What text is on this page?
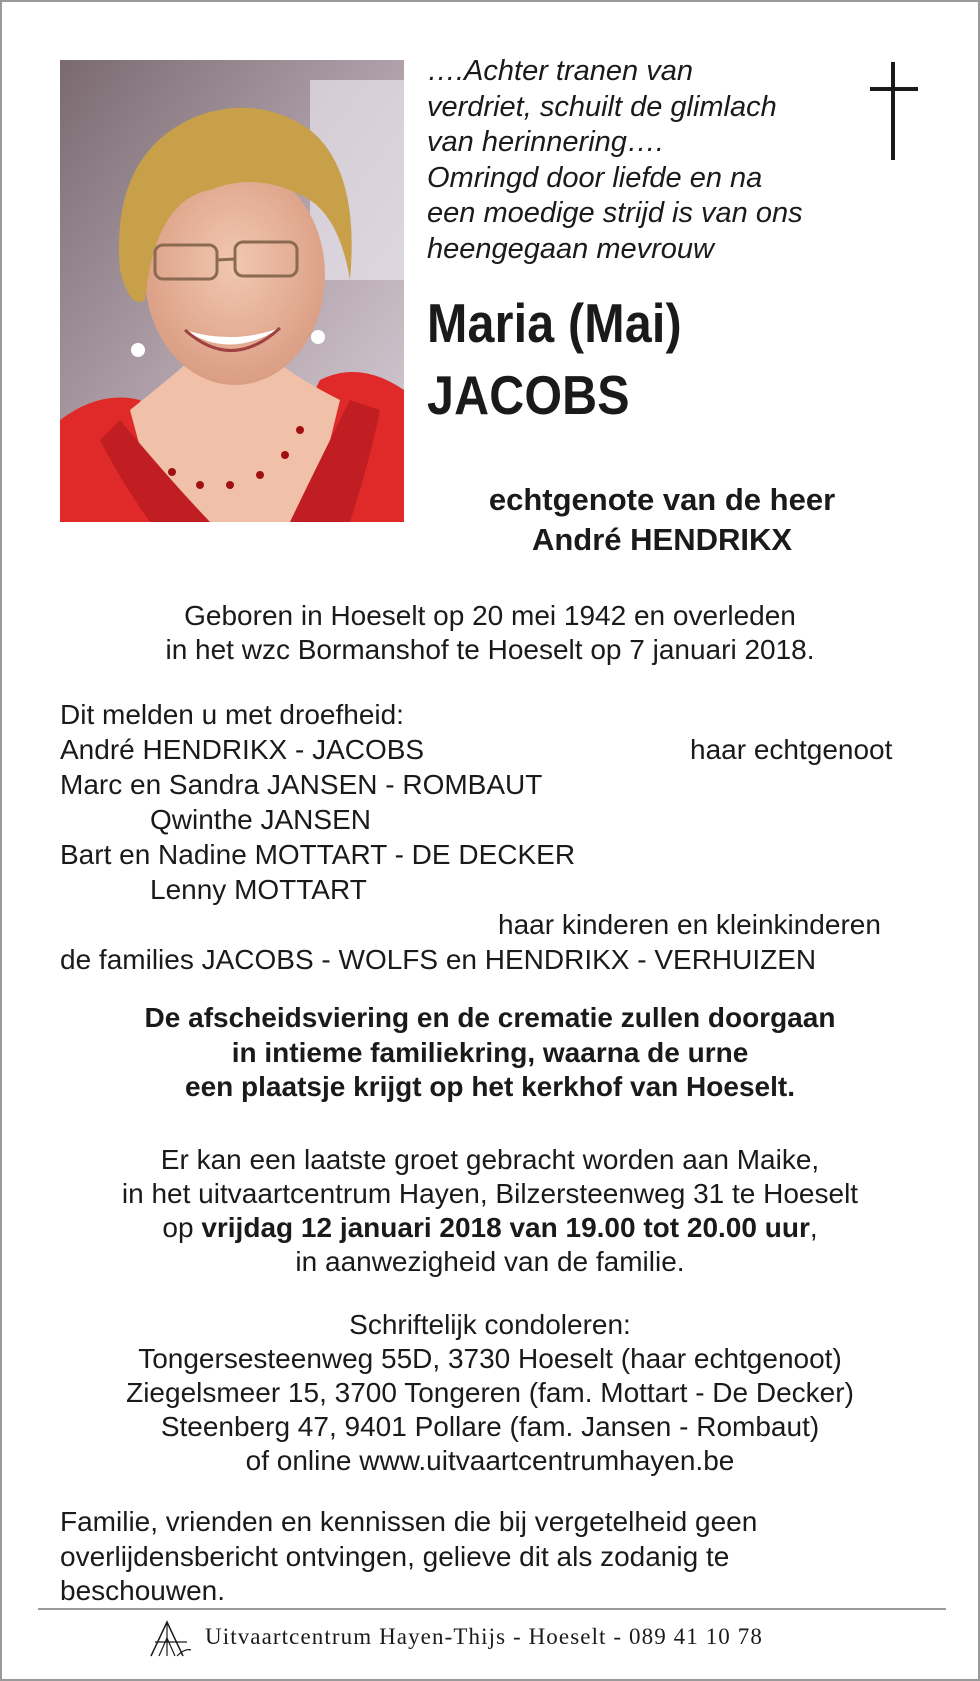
….Achter tranen van
verdriet, schuilt de glimlach
van herinnering….
Omringd door liefde en na
een moedige strijd is van ons
heengegaan mevrouw

Maria (Mai)
JACOBS

echtgenote van de heer
André HENDRIKX

Geboren in Hoeselt op 20 mei 1942 en overleden
in het wzc Bormanshof te Hoeselt op 7 januari 2018.

Dit melden u met droefheid:

André HENDRIKX - JACOBS	haar echtgenoot

Marc en Sandra JANSEN - ROMBAUT

Qwinthe JANSEN

Bart en Nadine MOTTART - DE DECKER

Lenny MOTTART

haar kinderen en kleinkinderen

de families JACOBS - WOLFS en HENDRIKX - VERHUIZEN

De afscheidsviering en de crematie zullen doorgaan
in intieme familiekring, waarna de urne
een plaatsje krijgt op het kerkhof van Hoeselt.

Er kan een laatste groet gebracht worden aan Maike,
in het uitvaartcentrum Hayen, Bilzersteenweg 31 te Hoeselt
op vrijdag 12 januari 2018 van 19.00 tot 20.00 uur,
in aanwezigheid van de familie.

Schriftelijk condoleren:
Tongersesteenweg 55D, 3730 Hoeselt (haar echtgenoot)
Ziegelsmeer 15, 3700 Tongeren (fam. Mottart - De Decker)
Steenberg 47, 9401 Pollare (fam. Jansen - Rombaut)
of online www.uitvaartcentrumhayen.be

Familie, vrienden en kennissen die bij vergetelheid geen
overlijdensbericht ontvingen, gelieve dit als zodanig te
beschouwen.

Uitvaartcentrum Hayen-Thijs - Hoeselt - 089 41 10 78
